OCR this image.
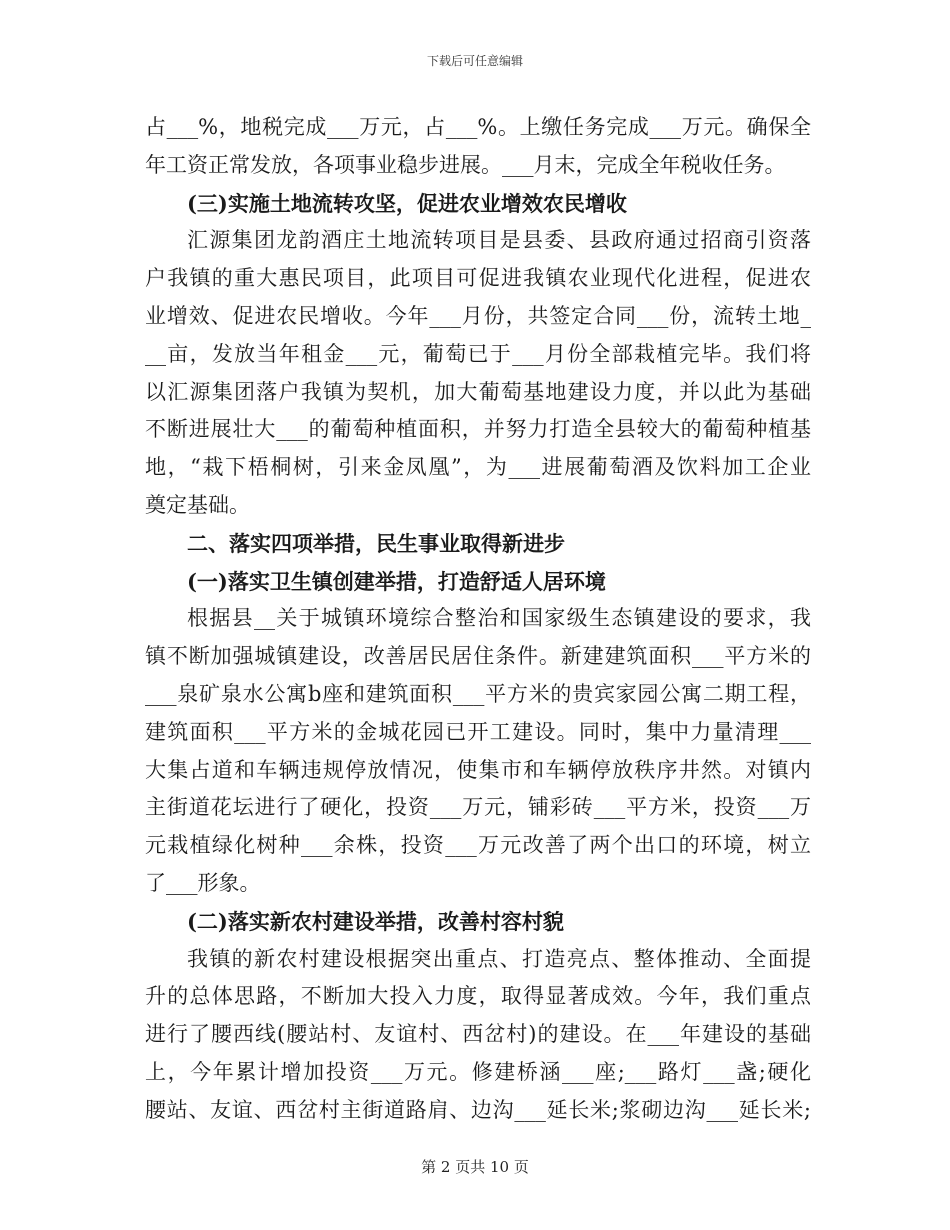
下载后可任意编辑
占___%，地税完成___万元，占___%。上缴任务完成___万元。确保全
年工资正常发放，各项事业稳步进展。___月末，完成全年税收任务。
(三)实施土地流转攻坚，促进农业增效农民增收
汇源集团龙韵酒庄土地流转项目是县委、县政府通过招商引资落
户我镇的重大惠民项目，此项目可促进我镇农业现代化进程，促进农
业增效、促进农民增收。今年___月份，共签定合同___份，流转土地_
__亩，发放当年租金___元，葡萄已于___月份全部栽植完毕。我们将
以汇源集团落户我镇为契机，加大葡萄基地建设力度，并以此为基础
不断进展壮大___的葡萄种植面积，并努力打造全县较大的葡萄种植基
地，“栽下梧桐树，引来金凤凰”，为___进展葡萄酒及饮料加工企业
奠定基础。
二、落实四项举措，民生事业取得新进步
(一)落实卫生镇创建举措，打造舒适人居环境
根据县__关于城镇环境综合整治和国家级生态镇建设的要求，我
镇不断加强城镇建设，改善居民居住条件。新建建筑面积___平方米的
___泉矿泉水公寓b座和建筑面积___平方米的贵宾家园公寓二期工程，
建筑面积___平方米的金城花园已开工建设。同时，集中力量清理___
大集占道和车辆违规停放情况，使集市和车辆停放秩序井然。对镇内
主街道花坛进行了硬化，投资___万元，铺彩砖___平方米，投资___万
元栽植绿化树种___余株，投资___万元改善了两个出口的环境，树立
了___形象。
(二)落实新农村建设举措，改善村容村貌
我镇的新农村建设根据突出重点、打造亮点、整体推动、全面提
升的总体思路，不断加大投入力度，取得显著成效。今年，我们重点
进行了腰西线(腰站村、友谊村、西岔村)的建设。在___年建设的基础
上，今年累计增加投资___万元。修建桥涵___座;___路灯___盏;硬化
腰站、友谊、西岔村主街道路肩、边沟___延长米;浆砌边沟___延长米;
第 2 页共 10 页
